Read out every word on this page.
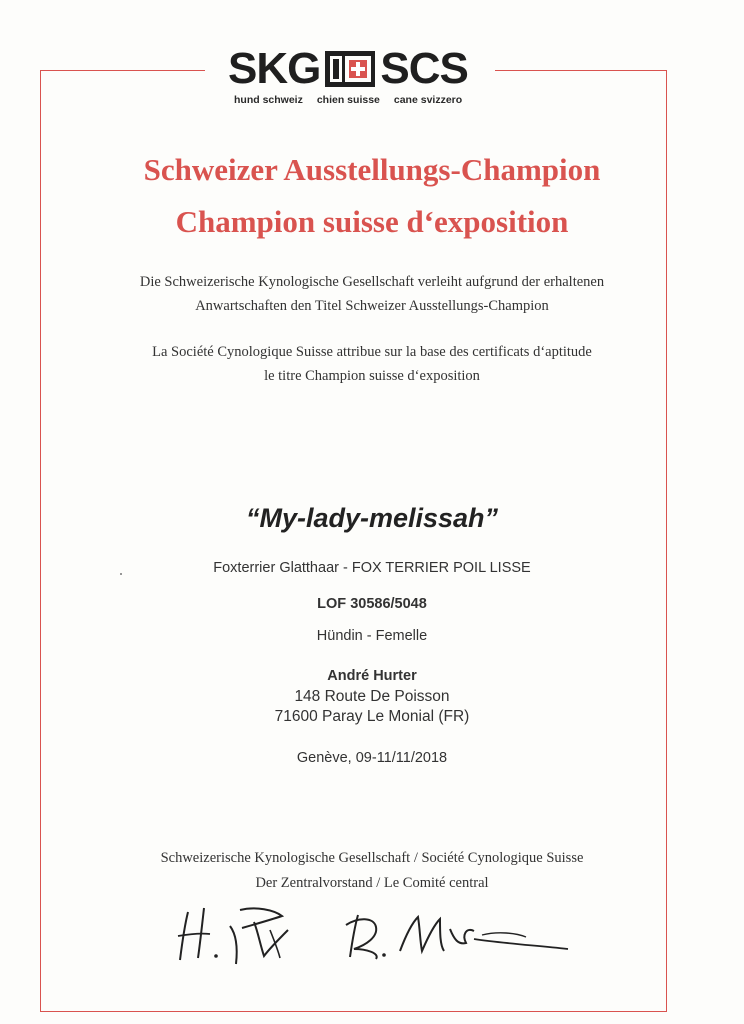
SKG SCS
hund schweiz chien suisse cane svizzero
Schweizer Ausstellungs-Champion
Champion suisse d‘exposition
Die Schweizerische Kynologische Gesellschaft verleiht aufgrund der erhaltenen
Anwartschaften den Titel Schweizer Ausstellungs-Champion
La Société Cynologique Suisse attribue sur la base des certificats d‘aptitude
le titre Champion suisse d‘exposition
“My-lady-melissah”
Foxterrier Glatthaar - FOX TERRIER POIL LISSE
LOF 30586/5048
Hündin - Femelle
André Hurter
148 Route De Poisson
71600 Paray Le Monial (FR)
Genève, 09-11/11/2018
Schweizerische Kynologische Gesellschaft / Société Cynologique Suisse
Der Zentralvorstand / Le Comité central
